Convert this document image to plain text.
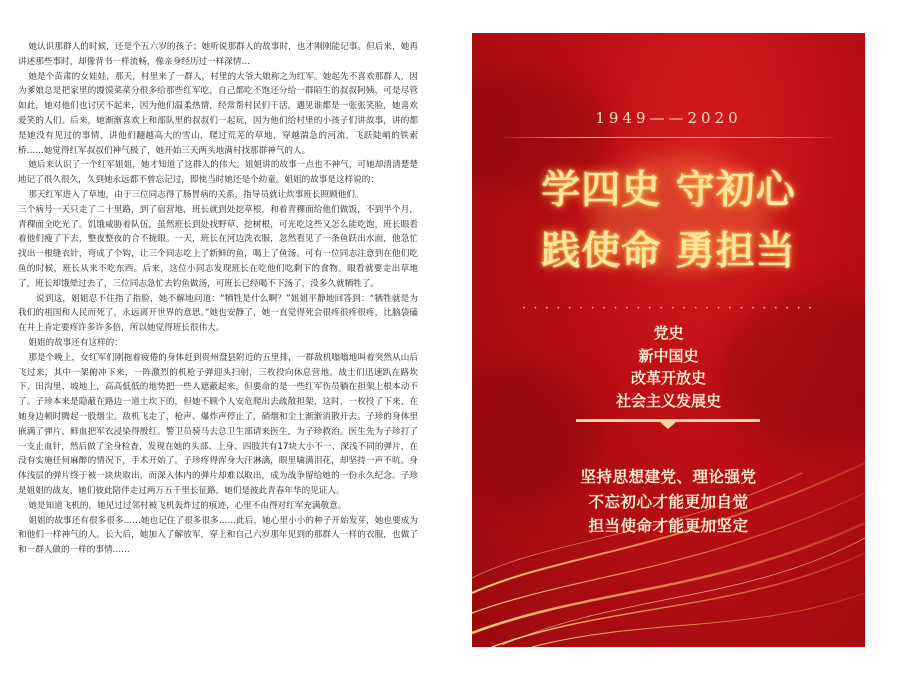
她认识那群人的时候，还是个五六岁的孩子；她听说那群人的故事时，也才刚刚能记事。但后来，她再讲述那些事时，却像背书一样流畅，像亲身经历过一样深情…

她是个苗肃的女娃娃，那天，村里来了一群人，村里的大爷大娘称之为红军。她起先不喜欢那群人，因为爹娘总是把家里的馒馍菜菜分很多给那些红军吃，自己都吃不饱还分给一群陌生的叔叔阿姨，可是尽管如此，她对他们也讨厌不起来，因为他们温柔热情，经常帮村民们干活，遇见谁都是一张张笑脸，她喜欢爱笑的人们。后来，她渐渐喜欢上和部队里的叔叔们一起玩，因为他们给村里的小孩子们讲故事，讲的都是她没有见过的事情，讲他们翻越高大的雪山，爬过荒芜的草地，穿越湍急的河流，飞跃陡峭的铁索桥……她觉得红军叔叔们神气极了，她开始三天两头地满村找那群神气的人。

她后来认识了一个红军姐姐，她才知道了这群人的伟大。姐姐讲的故事一点也不神气，可她却清清楚楚地记了很久很久，久到她永远都不曾忘记过，即使当时她还是个幼童。姐姐的故事是这样说的：

那天红军进入了草地，由于三位同志得了肠胃病的关系，指导员就让炊事班长照顾他们。

三个病号一天只走了二十里路，到了宿营地，班长就到处挖草根，和着青稞面给他们做饭，不到半个月，青稞面全吃光了。饥饿威胁着队伍，虽然班长到处找野草、挖树根，可光吃这些又怎么能吃饱，班长眼看着他们瘦了下去，整夜整夜的合不拢眼。一天，班长在河边洗衣服，忽然看见了一条鱼跃出水面，他急忙找出一根缝衣针，弯成了个钩，让三个同志吃上了新鲜的鱼，喝上了鱼汤。可有一位同志注意到在他们吃鱼的时候，班长从来不吃东西。后来，这位小同志发现班长在吃他们吃剩下的食物。眼看就要走出草地了，班长却饿晕过去了，三位同志急忙去钓鱼做汤，可班长已经喝不下汤了，没多久就牺牲了。

说到这，姐姐忍不住指了指脸，她不解地问道：“牺牲是什么啊？”姐姐平静地回答到：“牺牲就是为我们的祖国和人民而死了，永远离开世界的意思。”她也安静了，她一直觉得死会很疼很疼很疼，比脑袋磕在井上肯定要疼许多许多倍，所以她觉得班长很伟大。

姐姐的故事还有这样的：

那是个晚上，女红军们刚拖着疲倦的身体赶到贵州盘县附近的五里排，一群敌机嗡嗡地叫着突然从山后飞过来，其中一架俯冲下来，一阵激烈的机枪子弹迎头扫射，三枚投向休息营地。战士们迅速趴在路坎下、田沟里、坡地上，高高低低的地势把一些人遮蔽起来，但要命的是一些红军伤员躺在担架上根本动不了。子珍本来是隐蔽在路边一道土坎下的，但她不顾个人安危爬出去疏散担架，这时，一枚投了下来，在她身边顿时腾起一股烟尘。敌机飞走了，枪声、爆炸声停止了，硝烟和尘土渐渐消散开去。子珍的身体里嵌满了弹片，鲜血把军衣浸染得殷红。警卫员骑马去总卫生部请来医生，为子珍救治。医生先为子珍打了一支止血针，然后做了全身检查，发现在她的头部、上身、四肢共有17块大小不一、深浅不同的弹片，在没有实施任何麻醉的情况下，手术开始了。子珍疼得浑身大汗淋漓，眼里噙满泪花，却坚持一声不吭。身体浅层的弹片终于被一块块取出，而深入体内的弹片却难以取出，成为战争留给她的一份永久纪念。子珍是姐姐的战友，她们彼此陪伴走过两万五千里长征路，她们是彼此青春年华的见证人。

她是知道飞机的，她见过过邻村被飞机轰炸过的痕迹，心里不由得对红军充满敬意。

姐姐的故事还有很多很多……她也记住了很多很多……此后，她心里小小的种子开始发芽，她也要成为和他们一样神气的人。长大后，她加入了解放军，穿上和自己六岁那年见到的那群人一样的衣服，也做了和一群人做的一样的事情……

1949——2020
学四史 守初心
践使命 勇担当
• • • • • • • • • • • • • • • • • • • • • • • • • •
党史
新中国史
改革开放史
社会主义发展史
坚持思想建党、理论强党
不忘初心才能更加自觉
担当使命才能更加坚定
